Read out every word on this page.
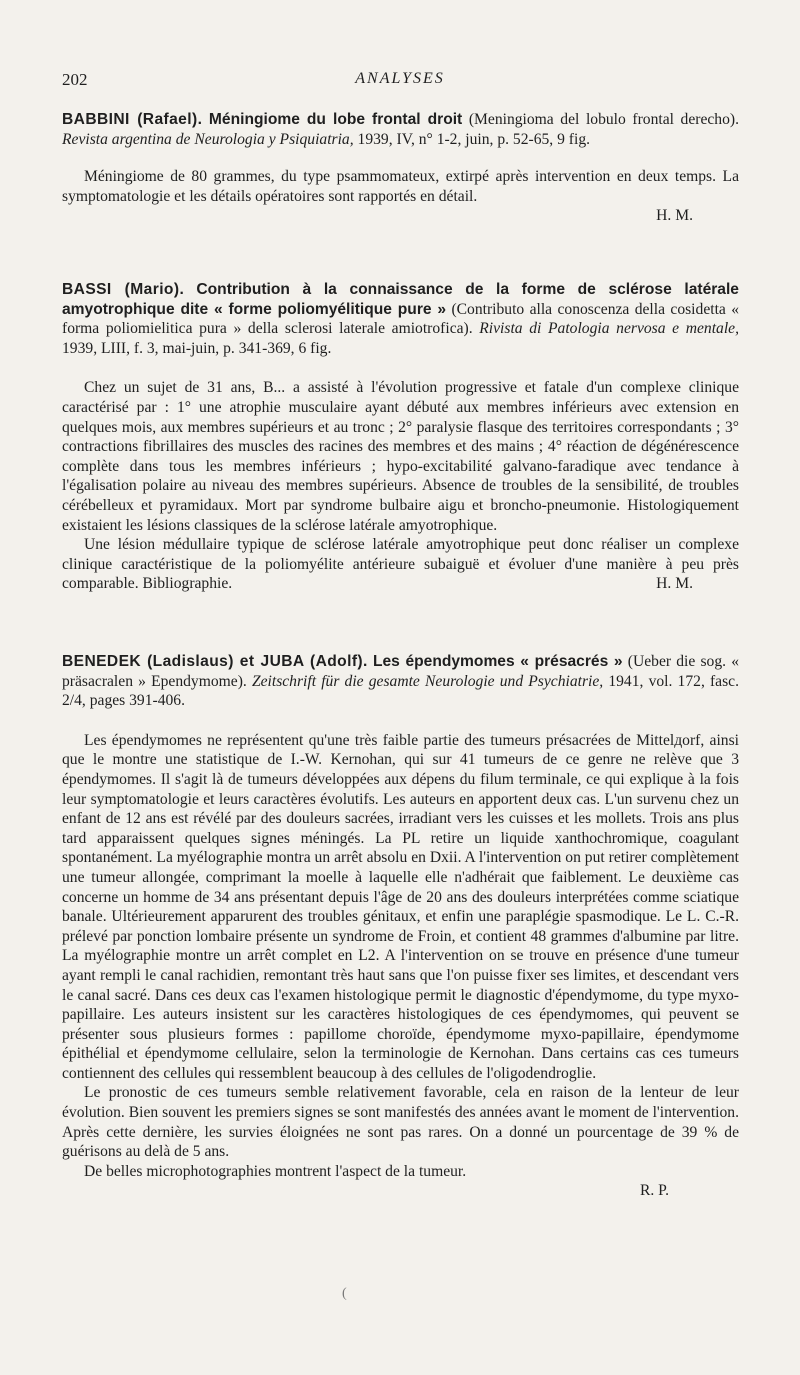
202	ANALYSES
BABBINI (Rafael). Méningiome du lobe frontal droit (Meningioma del lobulo frontal derecho). Revista argentina de Neurologia y Psiquiatria, 1939, IV, n° 1-2, juin, p. 52-65, 9 fig.

Méningiome de 80 grammes, du type psammomateux, extirpé après intervention en deux temps. La symptomatologie et les détails opératoires sont rapportés en détail.

H. M.
BASSI (Mario). Contribution à la connaissance de la forme de sclérose latérale amyotrophique dite « forme poliomyélitique pure » (Contributo alla conoscenza della cosidetta « forma poliomielitica pura » della sclerosi laterale amiotrofica). Rivista di Patologia nervosa e mentale, 1939, LIII, f. 3, mai-juin, p. 341-369, 6 fig.

Chez un sujet de 31 ans, B... a assisté à l'évolution progressive et fatale d'un complexe clinique caractérisé par : 1° une atrophie musculaire ayant débuté aux membres inférieurs avec extension en quelques mois, aux membres supérieurs et au tronc ; 2° paralysie flasque des territoires correspondants ; 3° contractions fibrillaires des muscles des racines des membres et des mains ; 4° réaction de dégénérescence complète dans tous les membres inférieurs ; hypo-excitabilité galvano-faradique avec tendance à l'égalisation polaire au niveau des membres supérieurs. Absence de troubles de la sensibilité, de troubles cérébelleux et pyramidaux. Mort par syndrome bulbaire aigu et broncho-pneumonie. Histologiquement existaient les lésions classiques de la sclérose latérale amyotrophique.

Une lésion médullaire typique de sclérose latérale amyotrophique peut donc réaliser un complexe clinique caractéristique de la poliomyélite antérieure subaiguë et évoluer d'une manière à peu près comparable. Bibliographie.	H. M.
BENEDEK (Ladislaus) et JUBA (Adolf). Les épendymomes « présacrés » (Ueber die sog. « präsacralen » Ependymome). Zeitschrift für die gesamte Neurologie und Psychiatrie, 1941, vol. 172, fasc. 2/4, pages 391-406.

Les épendymomes ne représentent qu'une très faible partie des tumeurs présacrées de Mittelдorf, ainsi que le montre une statistique de I.-W. Kernohan, qui sur 41 tumeurs de ce genre ne relève que 3 épendymomes. Il s'agit là de tumeurs développées aux dépens du filum terminale, ce qui explique à la fois leur symptomatologie et leurs caractères évolutifs. Les auteurs en apportent deux cas. L'un survenu chez un enfant de 12 ans est révélé par des douleurs sacrées, irradiant vers les cuisses et les mollets. Trois ans plus tard apparaissent quelques signes méningés. La PL retire un liquide xanthochromique, coagulant spontanément. La myélographie montra un arrêt absolu en Dxii. A l'intervention on put retirer complètement une tumeur allongée, comprimant la moelle à laquelle elle n'adhérait que faiblement. Le deuxième cas concerne un homme de 34 ans présentant depuis l'âge de 20 ans des douleurs interprétées comme sciatique banale. Ultérieurement apparurent des troubles génitaux, et enfin une paraplégie spasmodique. Le L. C.-R. prélevé par ponction lombaire présente un syndrome de Froin, et contient 48 grammes d'albumine par litre. La myélographie montre un arrêt complet en L2. A l'intervention on se trouve en présence d'une tumeur ayant rempli le canal rachidien, remontant très haut sans que l'on puisse fixer ses limites, et descendant vers le canal sacré. Dans ces deux cas l'examen histologique permit le diagnostic d'épendymome, du type myxo-papillaire. Les auteurs insistent sur les caractères histologiques de ces épendymomes, qui peuvent se présenter sous plusieurs formes : papillome choroïde, épendymome myxo-papillaire, épendymome épithélial et épendymome cellulaire, selon la terminologie de Kernohan. Dans certains cas ces tumeurs contiennent des cellules qui ressemblent beaucoup à des cellules de l'oligodendroglie.

Le pronostic de ces tumeurs semble relativement favorable, cela en raison de la lenteur de leur évolution. Bien souvent les premiers signes se sont manifestés des années avant le moment de l'intervention. Après cette dernière, les survies éloignées ne sont pas rares. On a donné un pourcentage de 39 % de guérisons au delà de 5 ans.

De belles microphotographies montrent l'aspect de la tumeur.

R. P.
(
